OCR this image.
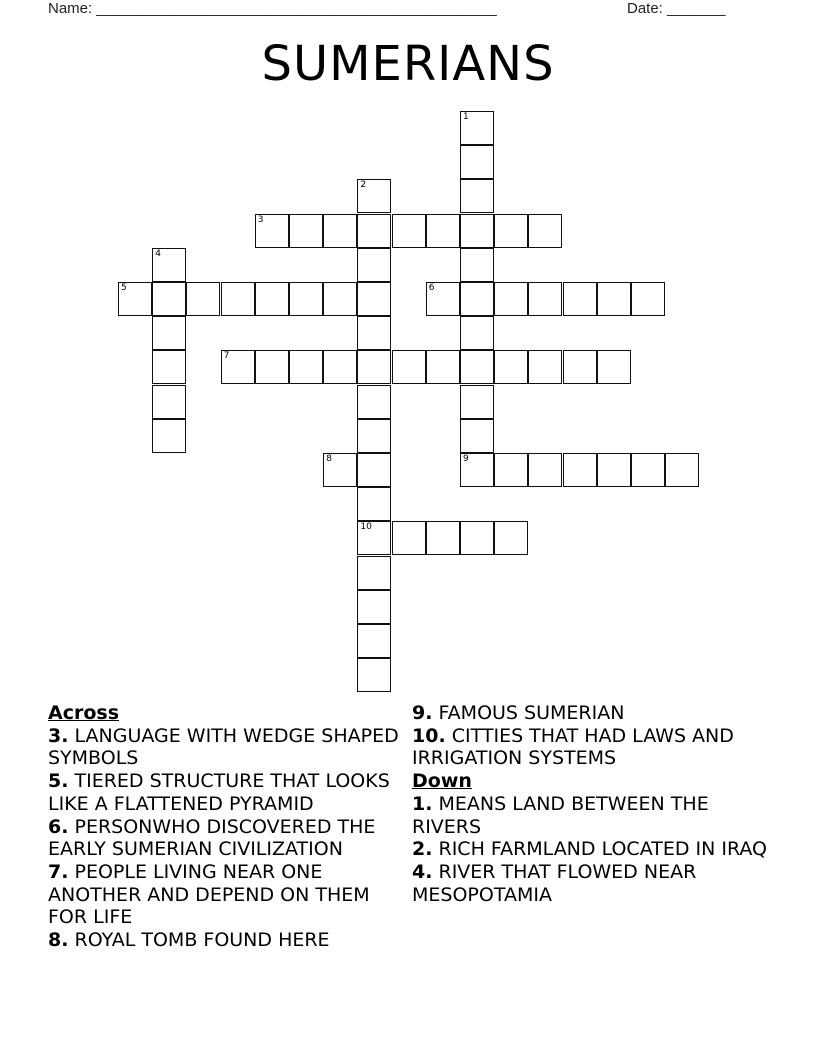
Name: ________________________________________________	Date: _______
SUMERIANS
1
2
10
3
4
5	6
7
8	9
Across

3. LANGUAGE WITH WEDGE SHAPED SYMBOLS

5. TIERED STRUCTURE THAT LOOKS LIKE A FLATTENED PYRAMID

6. PERSONWHO DISCOVERED THE EARLY SUMERIAN CIVILIZATION

7. PEOPLE LIVING NEAR ONE ANOTHER AND DEPEND ON THEM FOR LIFE

8. ROYAL TOMB FOUND HERE

9. FAMOUS SUMERIAN

10. CITTIES THAT HAD LAWS AND IRRIGATION SYSTEMS

Down

1. MEANS LAND BETWEEN THE RIVERS

2. RICH FARMLAND LOCATED IN IRAQ

4. RIVER THAT FLOWED NEAR MESOPOTAMIA
